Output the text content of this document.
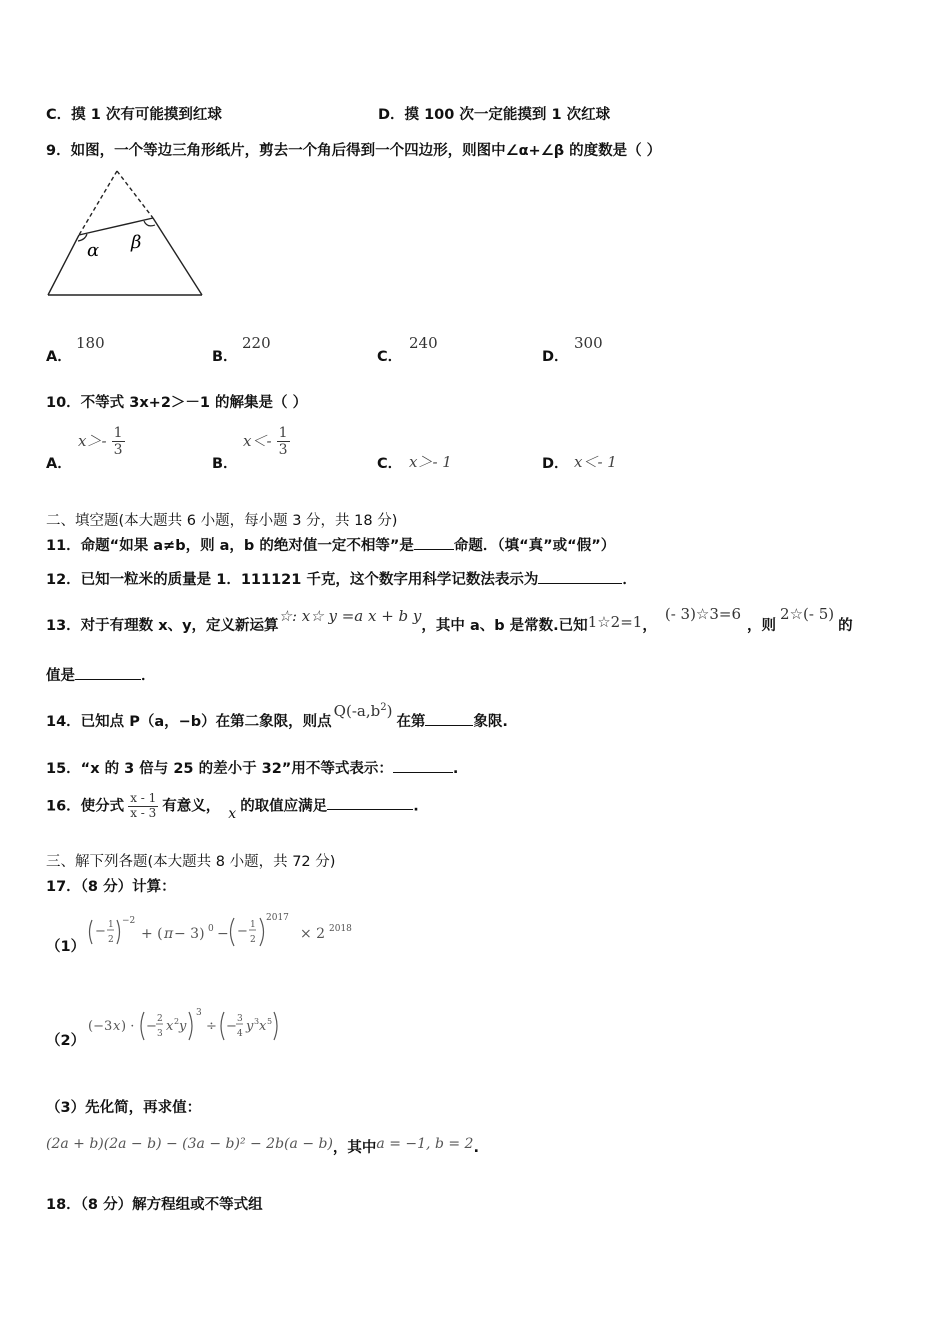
C．摸 1 次有可能摸到红球	D．摸 100 次一定能摸到 1 次红球
9．如图，一个等边三角形纸片，剪去一个角后得到一个四边形，则图中∠α+∠β 的度数是（ ）
α β
A．
180
B．
220
C．
240
D．
300
10．不等式 3x+2＞－1 的解集是（ ）
A．
$x>- \frac{1}{3}$
B．
$x<- \frac{1}{3}$
C． x＞- 1	D． x＜- 1
二、填空题(本大题共 6 小题，每小题 3 分，共 18 分)
11．命题“如果 a≠b，则 a，b 的绝对值一定不相等”是	命题．（填“真”或“假”）
12．已知一粒米的质量是 1．111121 千克，这个数字用科学记数法表示为	．
13．对于有理数 x、y，定义新运算☆: x☆ y =a x + b y，其中 a、b 是常数.已知1☆2=1，(- 3)☆3=6，则2☆(- 5)的
值是	．
14．已知点 P（a，−b）在第二象限，则点$Q(-a,b^2)$在第	象限.
15．“x 的 3 倍与 25 的差小于 32”用不等式表示：	.
16．使分式 $\frac{x - 1}{x - 3}$ 有意义， x 的取值应满足	.
三、解下列各题(本大题共 8 小题，共 72 分)
17．（8 分）计算：
（1）
− 1
2
−2
+ ( π − 3) 0 − − 1
2
2017
× 2 2018
（2）
(−3 x ) · − 2
3 x 2 y
3
÷ − 3
4 y 3 x 5
（3）先化简，再求值：
(2a + b)(2a − b) − (3a − b)² − 2b(a − b)，其中a = −1, b = 2.
18．（8 分）解方程组或不等式组
